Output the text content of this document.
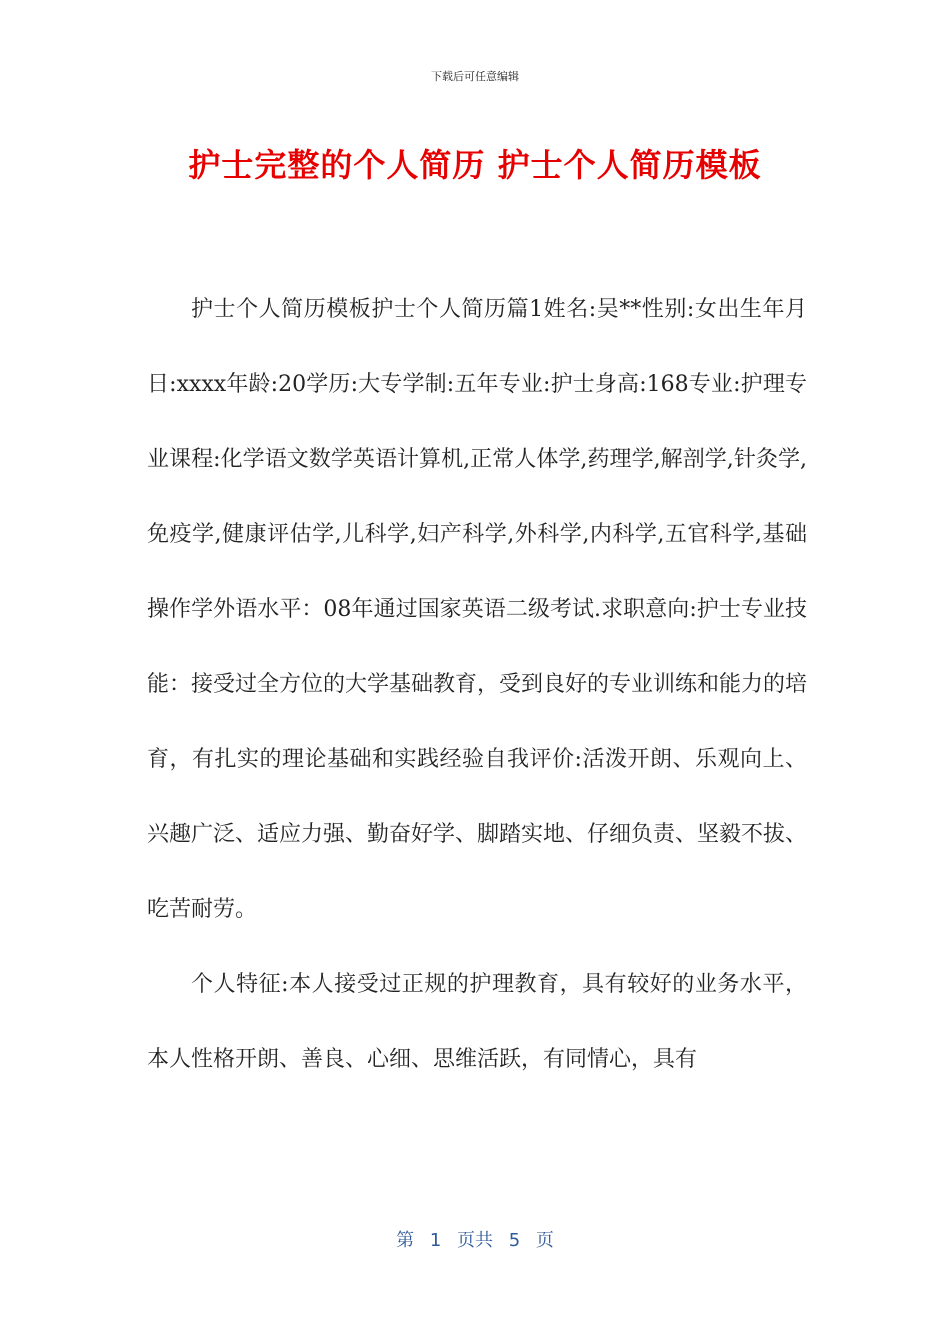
下载后可任意编辑
护士完整的个人简历 护士个人简历模板

护士个人简历模板护士个人简历篇1姓名:吴**性别:女出生年月日:xxxx年龄:20学历:大专学制:五年专业:护士身高:168专业:护理专业课程:化学语文数学英语计算机,正常人体学,药理学,解剖学,针灸学,免疫学,健康评估学,儿科学,妇产科学,外科学,内科学,五官科学,基础操作学外语水平：08年通过国家英语二级考试.求职意向:护士专业技能：接受过全方位的大学基础教育，受到良好的专业训练和能力的培育，有扎实的理论基础和实践经验自我评价:活泼开朗、乐观向上、兴趣广泛、适应力强、勤奋好学、脚踏实地、仔细负责、坚毅不拔、吃苦耐劳。

个人特征:本人接受过正规的护理教育，具有较好的业务水平，本人性格开朗、善良、心细、思维活跃，有同情心，具有

第 1 页共 5 页
